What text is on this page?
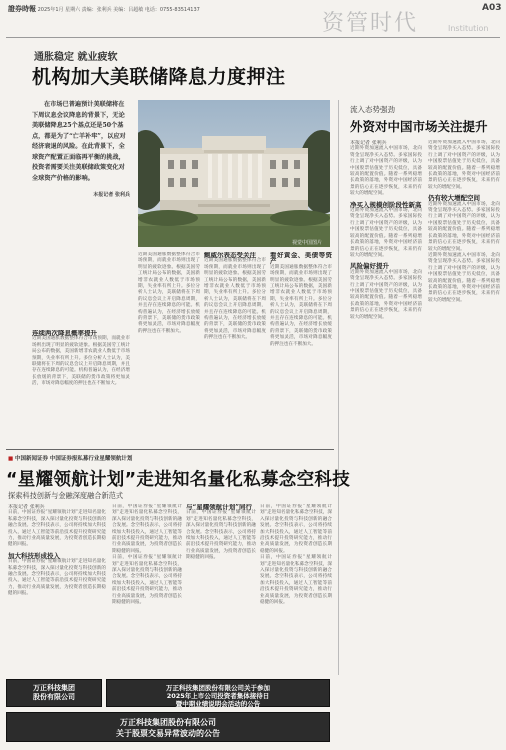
證券時報 2025年1月 星期六 责编：张利兵 美编：吕超敏 电话：0755-83514137
资管时代	Institution
A03
通胀稳定 就业疲软
机构加大美联储降息力度押注
在市场已普遍预计美联储将在下周议息会议降息的背景下，无论美联储降息25个基点还是50个基点，都是为了“亡羊补牢”，以应对经济衰退的风险。在此背景下，全球资产配置正面临再平衡的挑战，投资者需要关注美联储政策变化对全球资产价格的影响。
本报记者 张利兵
视觉中国图片
连续两次降息概率提升
近期美国通胀数据整体符合市场预期，而就业市场则出现了明显的疲软迹象。根据美国劳工统计局公布的数据，美国新增非农就业人数低于市场预期，失业率有所上升。多位分析人士认为，美联储将在下周的议息会议上开启降息周期，并且存在连续降息的可能。机构普遍认为，在经济增长放缓的背景下，美联储的货币政策将更加灵活，市场对降息幅度的押注也在不断加大。
近期美国通胀数据整体符合市场预期，而就业市场则出现了明显的疲软迹象。根据美国劳工统计局公布的数据，美国新增非农就业人数低于市场预期，失业率有所上升。多位分析人士认为，美联储将在下周的议息会议上开启降息周期，并且存在连续降息的可能。机构普遍认为，在经济增长放缓的背景下，美联储的货币政策将更加灵活，市场对降息幅度的押注也在不断加大。
鲍威尔表态受关注
近期美国通胀数据整体符合市场预期，而就业市场则出现了明显的疲软迹象。根据美国劳工统计局公布的数据，美国新增非农就业人数低于市场预期，失业率有所上升。多位分析人士认为，美联储将在下周的议息会议上开启降息周期，并且存在连续降息的可能。机构普遍认为，在经济增长放缓的背景下，美联储的货币政策将更加灵活，市场对降息幅度的押注也在不断加大。
看好黄金、美债等资产
近期美国通胀数据整体符合市场预期，而就业市场则出现了明显的疲软迹象。根据美国劳工统计局公布的数据，美国新增非农就业人数低于市场预期，失业率有所上升。多位分析人士认为，美联储将在下周的议息会议上开启降息周期，并且存在连续降息的可能。机构普遍认为，在经济增长放缓的背景下，美联储的货币政策将更加灵活，市场对降息幅度的押注也在不断加大。
流入态势强劲
外资对中国市场关注提升
本报记者 张利兵
近期外资加速流入中国市场，北向资金呈现净买入态势。多家国际投行上调了对中国资产的评级，认为中国股票估值处于历史低位，具备较高的配置价值。随着一系列稳增长政策的落地，外资对中国经济前景的信心正在逐步恢复，未来仍有较大的增配空间。
净买入规模创阶段性新高
近期外资加速流入中国市场，北向资金呈现净买入态势。多家国际投行上调了对中国资产的评级，认为中国股票估值处于历史低位，具备较高的配置价值。随着一系列稳增长政策的落地，外资对中国经济前景的信心正在逐步恢复，未来仍有较大的增配空间。
风险偏好提升
近期外资加速流入中国市场，北向资金呈现净买入态势。多家国际投行上调了对中国资产的评级，认为中国股票估值处于历史低位，具备较高的配置价值。随着一系列稳增长政策的落地，外资对中国经济前景的信心正在逐步恢复，未来仍有较大的增配空间。
近期外资加速流入中国市场，北向资金呈现净买入态势。多家国际投行上调了对中国资产的评级，认为中国股票估值处于历史低位，具备较高的配置价值。随着一系列稳增长政策的落地，外资对中国经济前景的信心正在逐步恢复，未来仍有较大的增配空间。
仍有较大增配空间
近期外资加速流入中国市场，北向资金呈现净买入态势。多家国际投行上调了对中国资产的评级，认为中国股票估值处于历史低位，具备较高的配置价值。随着一系列稳增长政策的落地，外资对中国经济前景的信心正在逐步恢复，未来仍有较大的增配空间。
近期外资加速流入中国市场，北向资金呈现净买入态势。多家国际投行上调了对中国资产的评级，认为中国股票估值处于历史低位，具备较高的配置价值。随着一系列稳增长政策的落地，外资对中国经济前景的信心正在逐步恢复，未来仍有较大的增配空间。
■ 中国新闻证券 中国证券报私募行业星耀领航计划
“星耀领航计划”走进知名量化私募念空科技
探索科技创新与金融深度融合新范式
本报记者 张利兵
日前，中国证券报“星耀领航计划”走进知名量化私募念空科技，深入探讨量化投资与科技创新的融合发展。念空科技表示，公司将持续加大科技投入，通过人工智能等前沿技术提升投资研究能力，推动行业高质量发展，为投资者创造长期稳健的回报。
加大科技形成投入
日前，中国证券报“星耀领航计划”走进知名量化私募念空科技，深入探讨量化投资与科技创新的融合发展。念空科技表示，公司将持续加大科技投入，通过人工智能等前沿技术提升投资研究能力，推动行业高质量发展，为投资者创造长期稳健的回报。
日前，中国证券报“星耀领航计划”走进知名量化私募念空科技，深入探讨量化投资与科技创新的融合发展。念空科技表示，公司将持续加大科技投入，通过人工智能等前沿技术提升投资研究能力，推动行业高质量发展，为投资者创造长期稳健的回报。
日前，中国证券报“星耀领航计划”走进知名量化私募念空科技，深入探讨量化投资与科技创新的融合发展。念空科技表示，公司将持续加大科技投入，通过人工智能等前沿技术提升投资研究能力，推动行业高质量发展，为投资者创造长期稳健的回报。
与“星耀领航计划”同行
日前，中国证券报“星耀领航计划”走进知名量化私募念空科技，深入探讨量化投资与科技创新的融合发展。念空科技表示，公司将持续加大科技投入，通过人工智能等前沿技术提升投资研究能力，推动行业高质量发展，为投资者创造长期稳健的回报。
日前，中国证券报“星耀领航计划”走进知名量化私募念空科技，深入探讨量化投资与科技创新的融合发展。念空科技表示，公司将持续加大科技投入，通过人工智能等前沿技术提升投资研究能力，推动行业高质量发展，为投资者创造长期稳健的回报。
日前，中国证券报“星耀领航计划”走进知名量化私募念空科技，深入探讨量化投资与科技创新的融合发展。念空科技表示，公司将持续加大科技投入，通过人工智能等前沿技术提升投资研究能力，推动行业高质量发展，为投资者创造长期稳健的回报。
万正科技集团
股份有限公司
万正科技集团股份有限公司关于参加
2025年上市公司投资者集体接待日
暨中期业绩说明会活动的公告
万正科技集团股份有限公司
关于股票交易异常波动的公告
